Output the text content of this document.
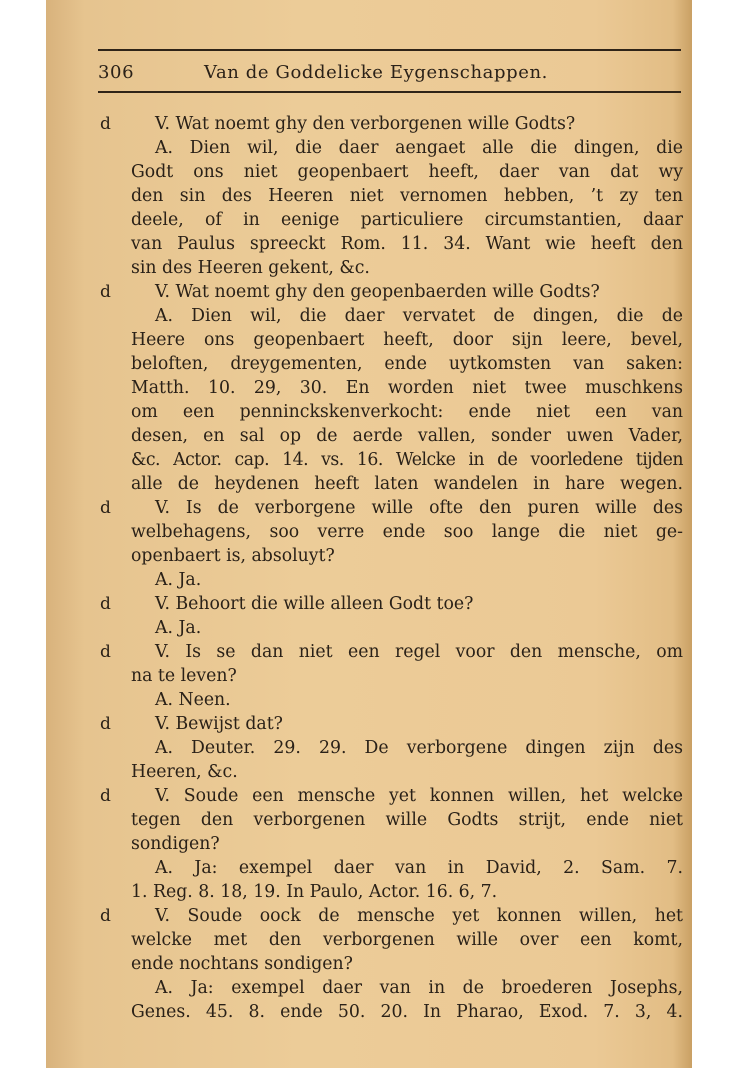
306	Van de Goddelicke Eygenschappen.
d
d
d
d
d
d
d
d
V. Wat noemt ghy den verborgenen wille Godts?
A. Dien wil, die daer aengaet alle die dingen, die
Godt ons niet geopenbaert heeft, daer van dat wy
den sin des Heeren niet vernomen hebben, ’t zy ten
deele, of in eenige particuliere circumstantien, daar
van Paulus spreeckt Rom. 11. 34. Want wie heeft den
sin des Heeren gekent, &c.
V. Wat noemt ghy den geopenbaerden wille Godts?
A. Dien wil, die daer vervatet de dingen, die de
Heere ons geopenbaert heeft, door sijn leere, bevel,
beloften, dreygementen, ende uytkomsten van saken:
Matth. 10. 29, 30. En worden niet twee muschkens
om een penninckskenverkocht: ende niet een van
desen, en sal op de aerde vallen, sonder uwen Vader,
&c. Actor. cap. 14. vs. 16. Welcke in de voorledene tijden
alle de heydenen heeft laten wandelen in hare wegen.
V. Is de verborgene wille ofte den puren wille des
welbehagens, soo verre ende soo lange die niet ge-
openbaert is, absoluyt?
A. Ja.
V. Behoort die wille alleen Godt toe?
A. Ja.
V. Is se dan niet een regel voor den mensche, om
na te leven?
A. Neen.
V. Bewijst dat?
A. Deuter. 29. 29. De verborgene dingen zijn des
Heeren, &c.
V. Soude een mensche yet konnen willen, het welcke
tegen den verborgenen wille Godts strijt, ende niet
sondigen?
A. Ja: exempel daer van in David, 2. Sam. 7.
1. Reg. 8. 18, 19. In Paulo, Actor. 16. 6, 7.
V. Soude oock de mensche yet konnen willen, het
welcke met den verborgenen wille over een komt,
ende nochtans sondigen?
A. Ja: exempel daer van in de broederen Josephs,
Genes. 45. 8. ende 50. 20. In Pharao, Exod. 7. 3, 4.
